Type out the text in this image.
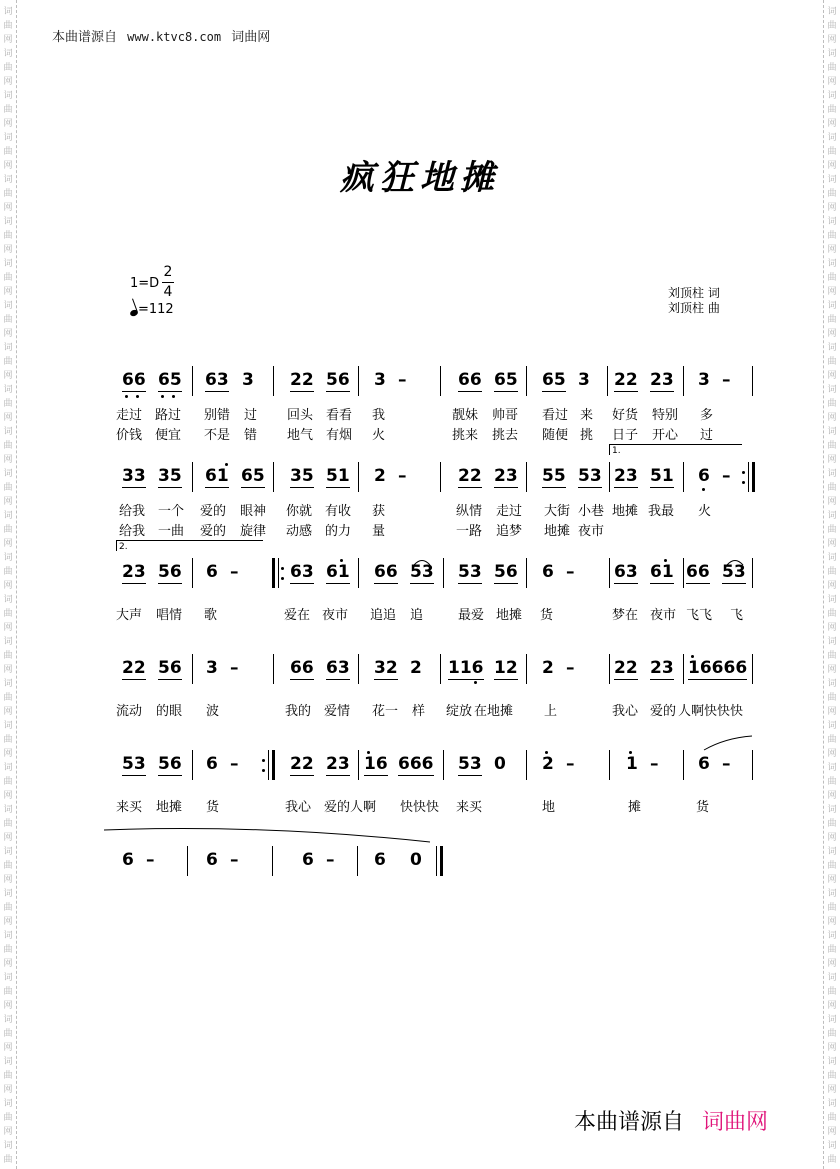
词
曲
网
词
曲
网
词
曲
网
词
曲
网
词
曲
网
词
曲
网
词
曲
网
词
曲
网
词
曲
网
词
曲
网
词
曲
网
词
曲
网
词
曲
网
词
曲
网
词
曲
网
词
曲
网
词
曲
网
词
曲
网
词
曲
网
词
曲
网
词
曲
网
词
曲
网
词
曲
网
词
曲
网
词
曲
网
词
曲
网
词
曲
网
词
曲
词
曲
网
词
曲
网
词
曲
网
词
曲
网
词
曲
网
词
曲
网
词
曲
网
词
曲
网
词
曲
网
词
曲
网
词
曲
网
词
曲
网
词
曲
网
词
曲
网
词
曲
网
词
曲
网
词
曲
网
词
曲
网
词
曲
网
词
曲
网
词
曲
网
词
曲
网
词
曲
网
词
曲
网
词
曲
网
词
曲
网
词
曲
网
词
曲
本曲谱源自 www.ktvc8.com 词曲网
疯狂地摊
1=D
2
4
=112
刘顶柱 词
刘顶柱 曲
66 65 63 3 22 56 3 –	66 65 65 3 22 23 3 –
走过 路过 别错 过 回头 看看 我	靓妹 帅哥 看过 来 好货 特别 多
价钱 便宜 不是 错 地气 有烟 火	挑来 挑去 随便 挑 日子 开心 过
1.
33 35 61 65 35 51 2 –	22 23 55 53 23 51 6 –
给我 一个 爱的 眼神 你就 有收 获	纵情 走过 大街 小巷 地摊 我最 火
给我 一曲 爱的 旋律 动感 的力 量	一路 追梦 地摊 夜市
2.
23 56 6 –	63 61 66 53 53 56 6 – 63 61 66 53
大声 唱情 歌	爱在 夜市 追追 追	最爱 地摊 货	梦在 夜市 飞飞 飞
22 56 3 –	66 63 32 2 116 12 2 – 22 23 16666
流动 的眼 波	我的 爱情 花一 样 绽放 在地摊 上	我心 爱的 人啊快快快
53 56 6 –	22 23 16 666 53 0 2 –	1 – 6 –
来买 地摊 货	我心 爱的人啊 快快快 来买	地	摊	货
6 –	6 –	6 – 6 0
本曲谱源自 词曲网
